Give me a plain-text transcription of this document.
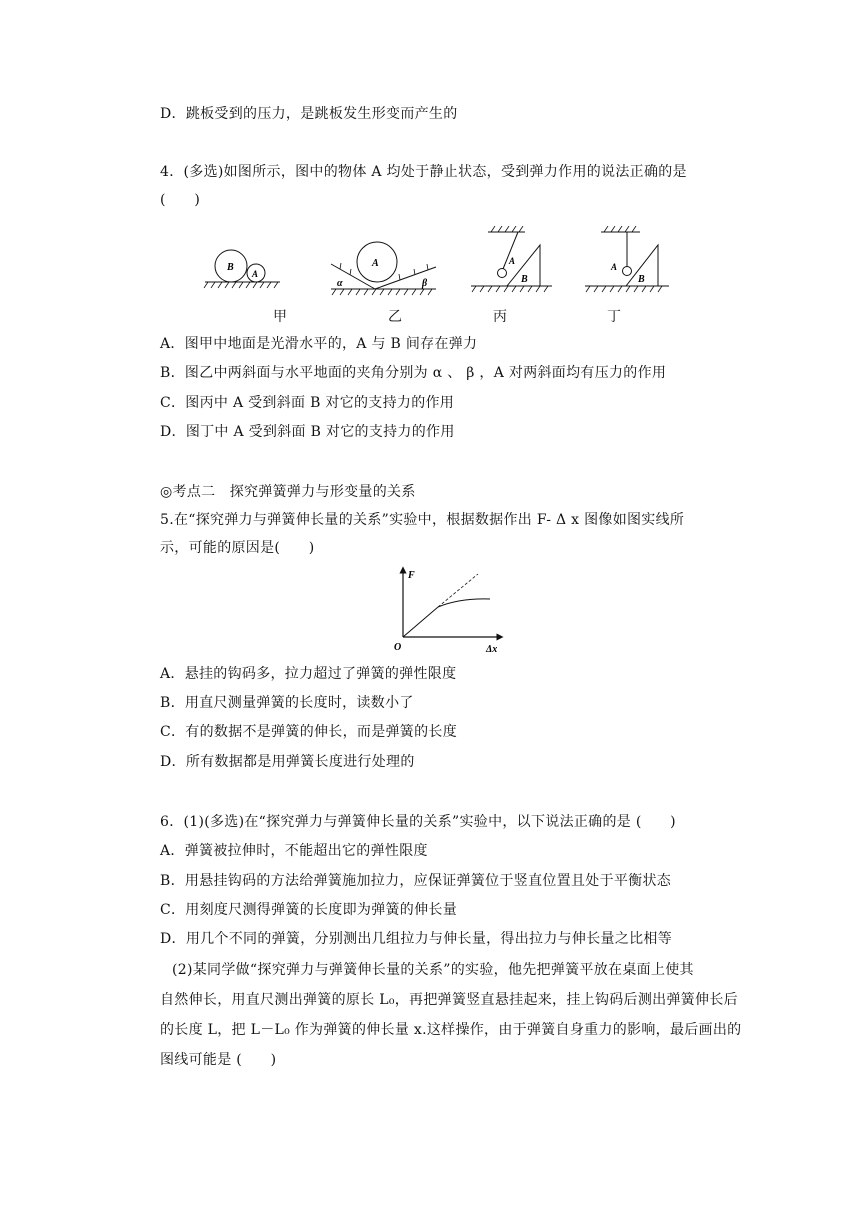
D．跳板受到的压力，是跳板发生形变而产生的
4．(多选)如图所示，图中的物体 A 均处于静止状态，受到弹力作用的说法正确的是
(　　)
B
A
A
α	β
A
B
A
B
甲	乙	丙	丁
A．图甲中地面是光滑水平的，A 与 B 间存在弹力
B．图乙中两斜面与水平地面的夹角分别为 α 、 β ，A 对两斜面均有压力的作用
C．图丙中 A 受到斜面 B 对它的支持力的作用
D．图丁中 A 受到斜面 B 对它的支持力的作用
◎考点二　探究弹簧弹力与形变量的关系
5.在“探究弹力与弹簧伸长量的关系”实验中，根据数据作出 F- Δ x 图像如图实线所
示，可能的原因是(　　)
F
Δx
O
A．悬挂的钩码多，拉力超过了弹簧的弹性限度
B．用直尺测量弹簧的长度时，读数小了
C．有的数据不是弹簧的伸长，而是弹簧的长度
D．所有数据都是用弹簧长度进行处理的
6．(1)(多选)在“探究弹力与弹簧伸长量的关系”实验中，以下说法正确的是 (　　)
A．弹簧被拉伸时，不能超出它的弹性限度
B．用悬挂钩码的方法给弹簧施加拉力，应保证弹簧位于竖直位置且处于平衡状态
C．用刻度尺测得弹簧的长度即为弹簧的伸长量
D．用几个不同的弹簧，分别测出几组拉力与伸长量，得出拉力与伸长量之比相等
(2)某同学做“探究弹力与弹簧伸长量的关系”的实验，他先把弹簧平放在桌面上使其
自然伸长，用直尺测出弹簧的原长 L₀，再把弹簧竖直悬挂起来，挂上钩码后测出弹簧伸长后
的长度 L，把 L－L₀ 作为弹簧的伸长量 x.这样操作，由于弹簧自身重力的影响，最后画出的
图线可能是 (　　)
